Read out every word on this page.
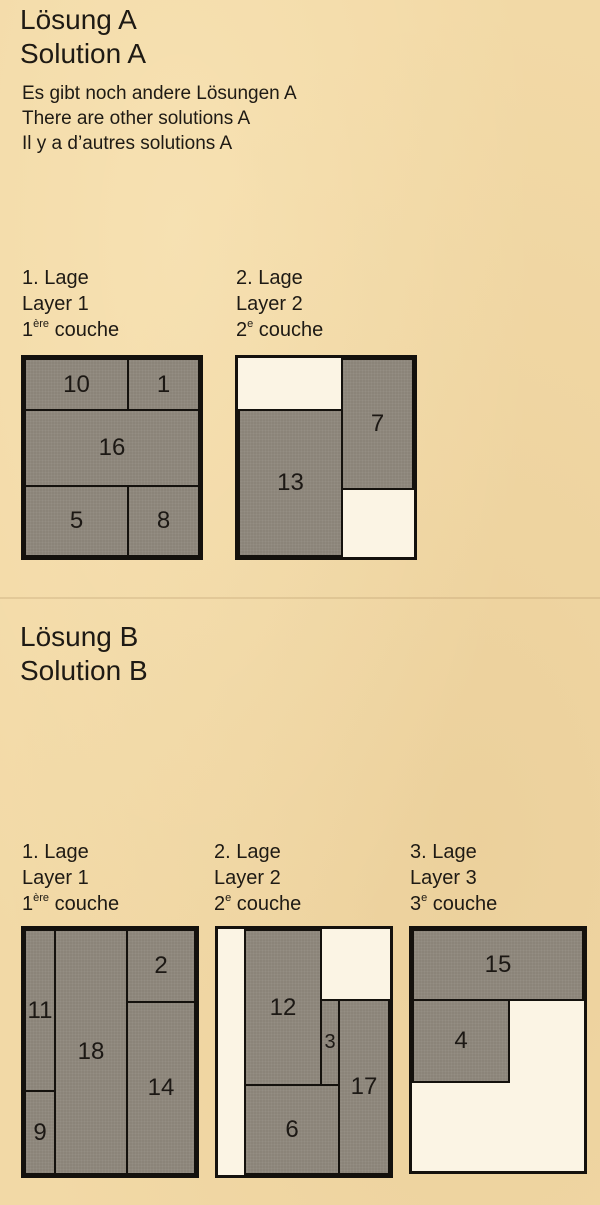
Lösung A
Solution A
Es gibt noch andere Lösungen A
There are other solutions A
Il y a d’autres solutions A
1. Lage
Layer 1
1ère couche
2. Lage
Layer 2
2e couche
10	1
16
5	8
7
13
Lösung B
Solution B
1. Lage
Layer 1
1ère couche
2. Lage
Layer 2
2e couche
3. Lage
Layer 3
3e couche
11
9
18
2
14
12
3
17
6
15
4
